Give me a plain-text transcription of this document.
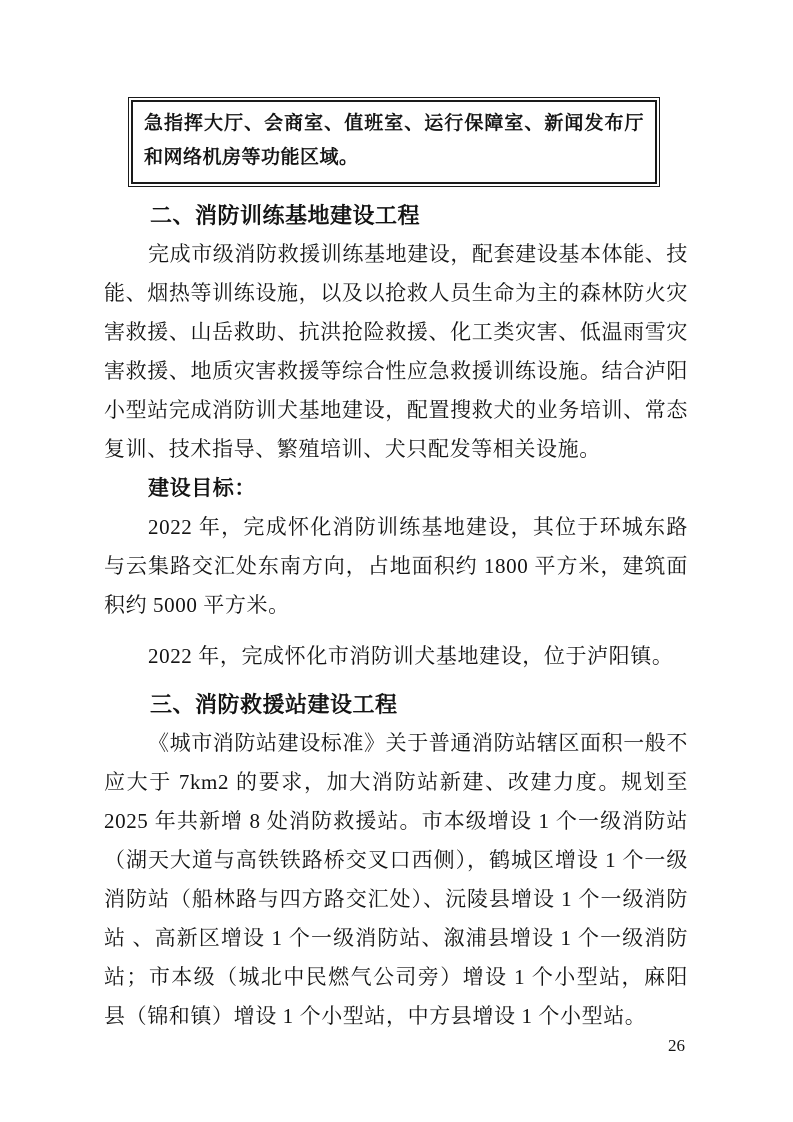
急指挥大厅、会商室、值班室、运行保障室、新闻发布厅和网络机房等功能区域。
二、消防训练基地建设工程

完成市级消防救援训练基地建设，配套建设基本体能、技能、烟热等训练设施，以及以抢救人员生命为主的森林防火灾害救援、山岳救助、抗洪抢险救援、化工类灾害、低温雨雪灾害救援、地质灾害救援等综合性应急救援训练设施。结合泸阳小型站完成消防训犬基地建设，配置搜救犬的业务培训、常态复训、技术指导、繁殖培训、犬只配发等相关设施。

建设目标：

2022 年，完成怀化消防训练基地建设，其位于环城东路与云集路交汇处东南方向，占地面积约 1800 平方米，建筑面积约 5000 平方米。

2022 年，完成怀化市消防训犬基地建设，位于泸阳镇。

三、消防救援站建设工程

《城市消防站建设标准》关于普通消防站辖区面积一般不应大于 7km2 的要求，加大消防站新建、改建力度。规划至 2025 年共新增 8 处消防救援站。市本级增设 1 个一级消防站（湖天大道与高铁铁路桥交叉口西侧），鹤城区增设 1 个一级消防站（船林路与四方路交汇处）、沅陵县增设 1 个一级消防站 、高新区增设 1 个一级消防站、溆浦县增设 1 个一级消防站；市本级（城北中民燃气公司旁）增设 1 个小型站，麻阳县（锦和镇）增设 1 个小型站，中方县增设 1 个小型站。

26
